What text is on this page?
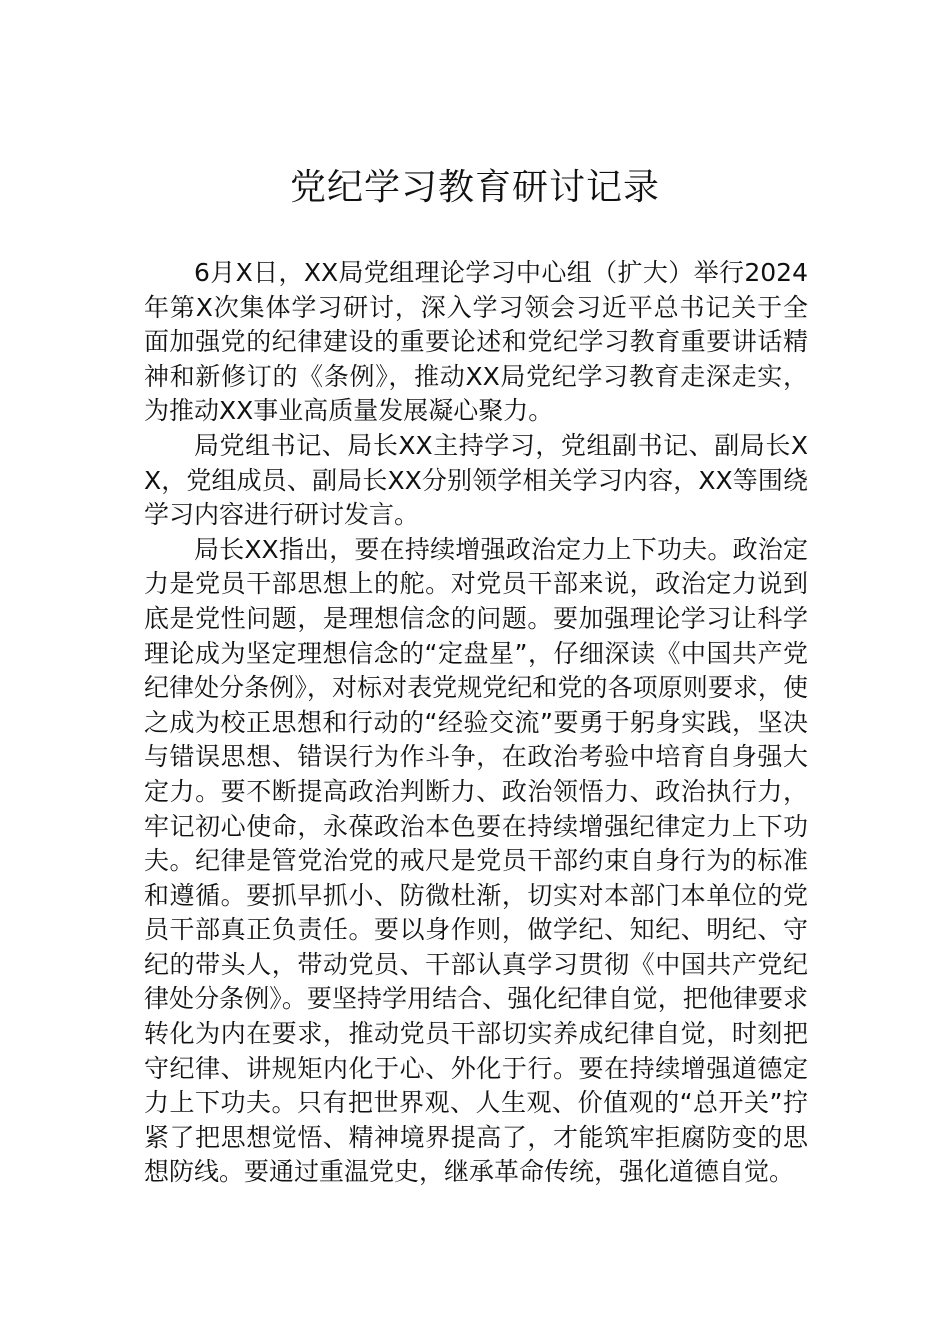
党纪学习教育研讨记录

6月X日，XX局党组理论学习中心组（扩大）举行2024年第X次集体学习研讨，深入学习领会习近平总书记关于全面加强党的纪律建设的重要论述和党纪学习教育重要讲话精神和新修订的《条例》，推动XX局党纪学习教育走深走实，为推动XX事业高质量发展凝心聚力。

局党组书记、局长XX主持学习，党组副书记、副局长XX，党组成员、副局长XX分别领学相关学习内容，XX等围绕学习内容进行研讨发言。

局长XX指出，要在持续增强政治定力上下功夫。政治定力是党员干部思想上的舵。对党员干部来说，政治定力说到底是党性问题，是理想信念的问题。要加强理论学习让科学理论成为坚定理想信念的“定盘星”，仔细深读《中国共产党纪律处分条例》，对标对表党规党纪和党的各项原则要求，使之成为校正思想和行动的“经验交流”要勇于躬身实践，坚决与错误思想、错误行为作斗争，在政治考验中培育自身强大定力。要不断提高政治判断力、政治领悟力、政治执行力，牢记初心使命，永葆政治本色要在持续增强纪律定力上下功夫。纪律是管党治党的戒尺是党员干部约束自身行为的标准和遵循。要抓早抓小、防微杜渐，切实对本部门本单位的党员干部真正负责任。要以身作则，做学纪、知纪、明纪、守纪的带头人，带动党员、干部认真学习贯彻《中国共产党纪律处分条例》。要坚持学用结合、强化纪律自觉，把他律要求转化为内在要求，推动党员干部切实养成纪律自觉，时刻把守纪律、讲规矩内化于心、外化于行。要在持续增强道德定力上下功夫。只有把世界观、人生观、价值观的“总开关”拧紧了把思想觉悟、精神境界提高了，才能筑牢拒腐防变的思想防线。要通过重温党史，继承革命传统，强化道德自觉。
